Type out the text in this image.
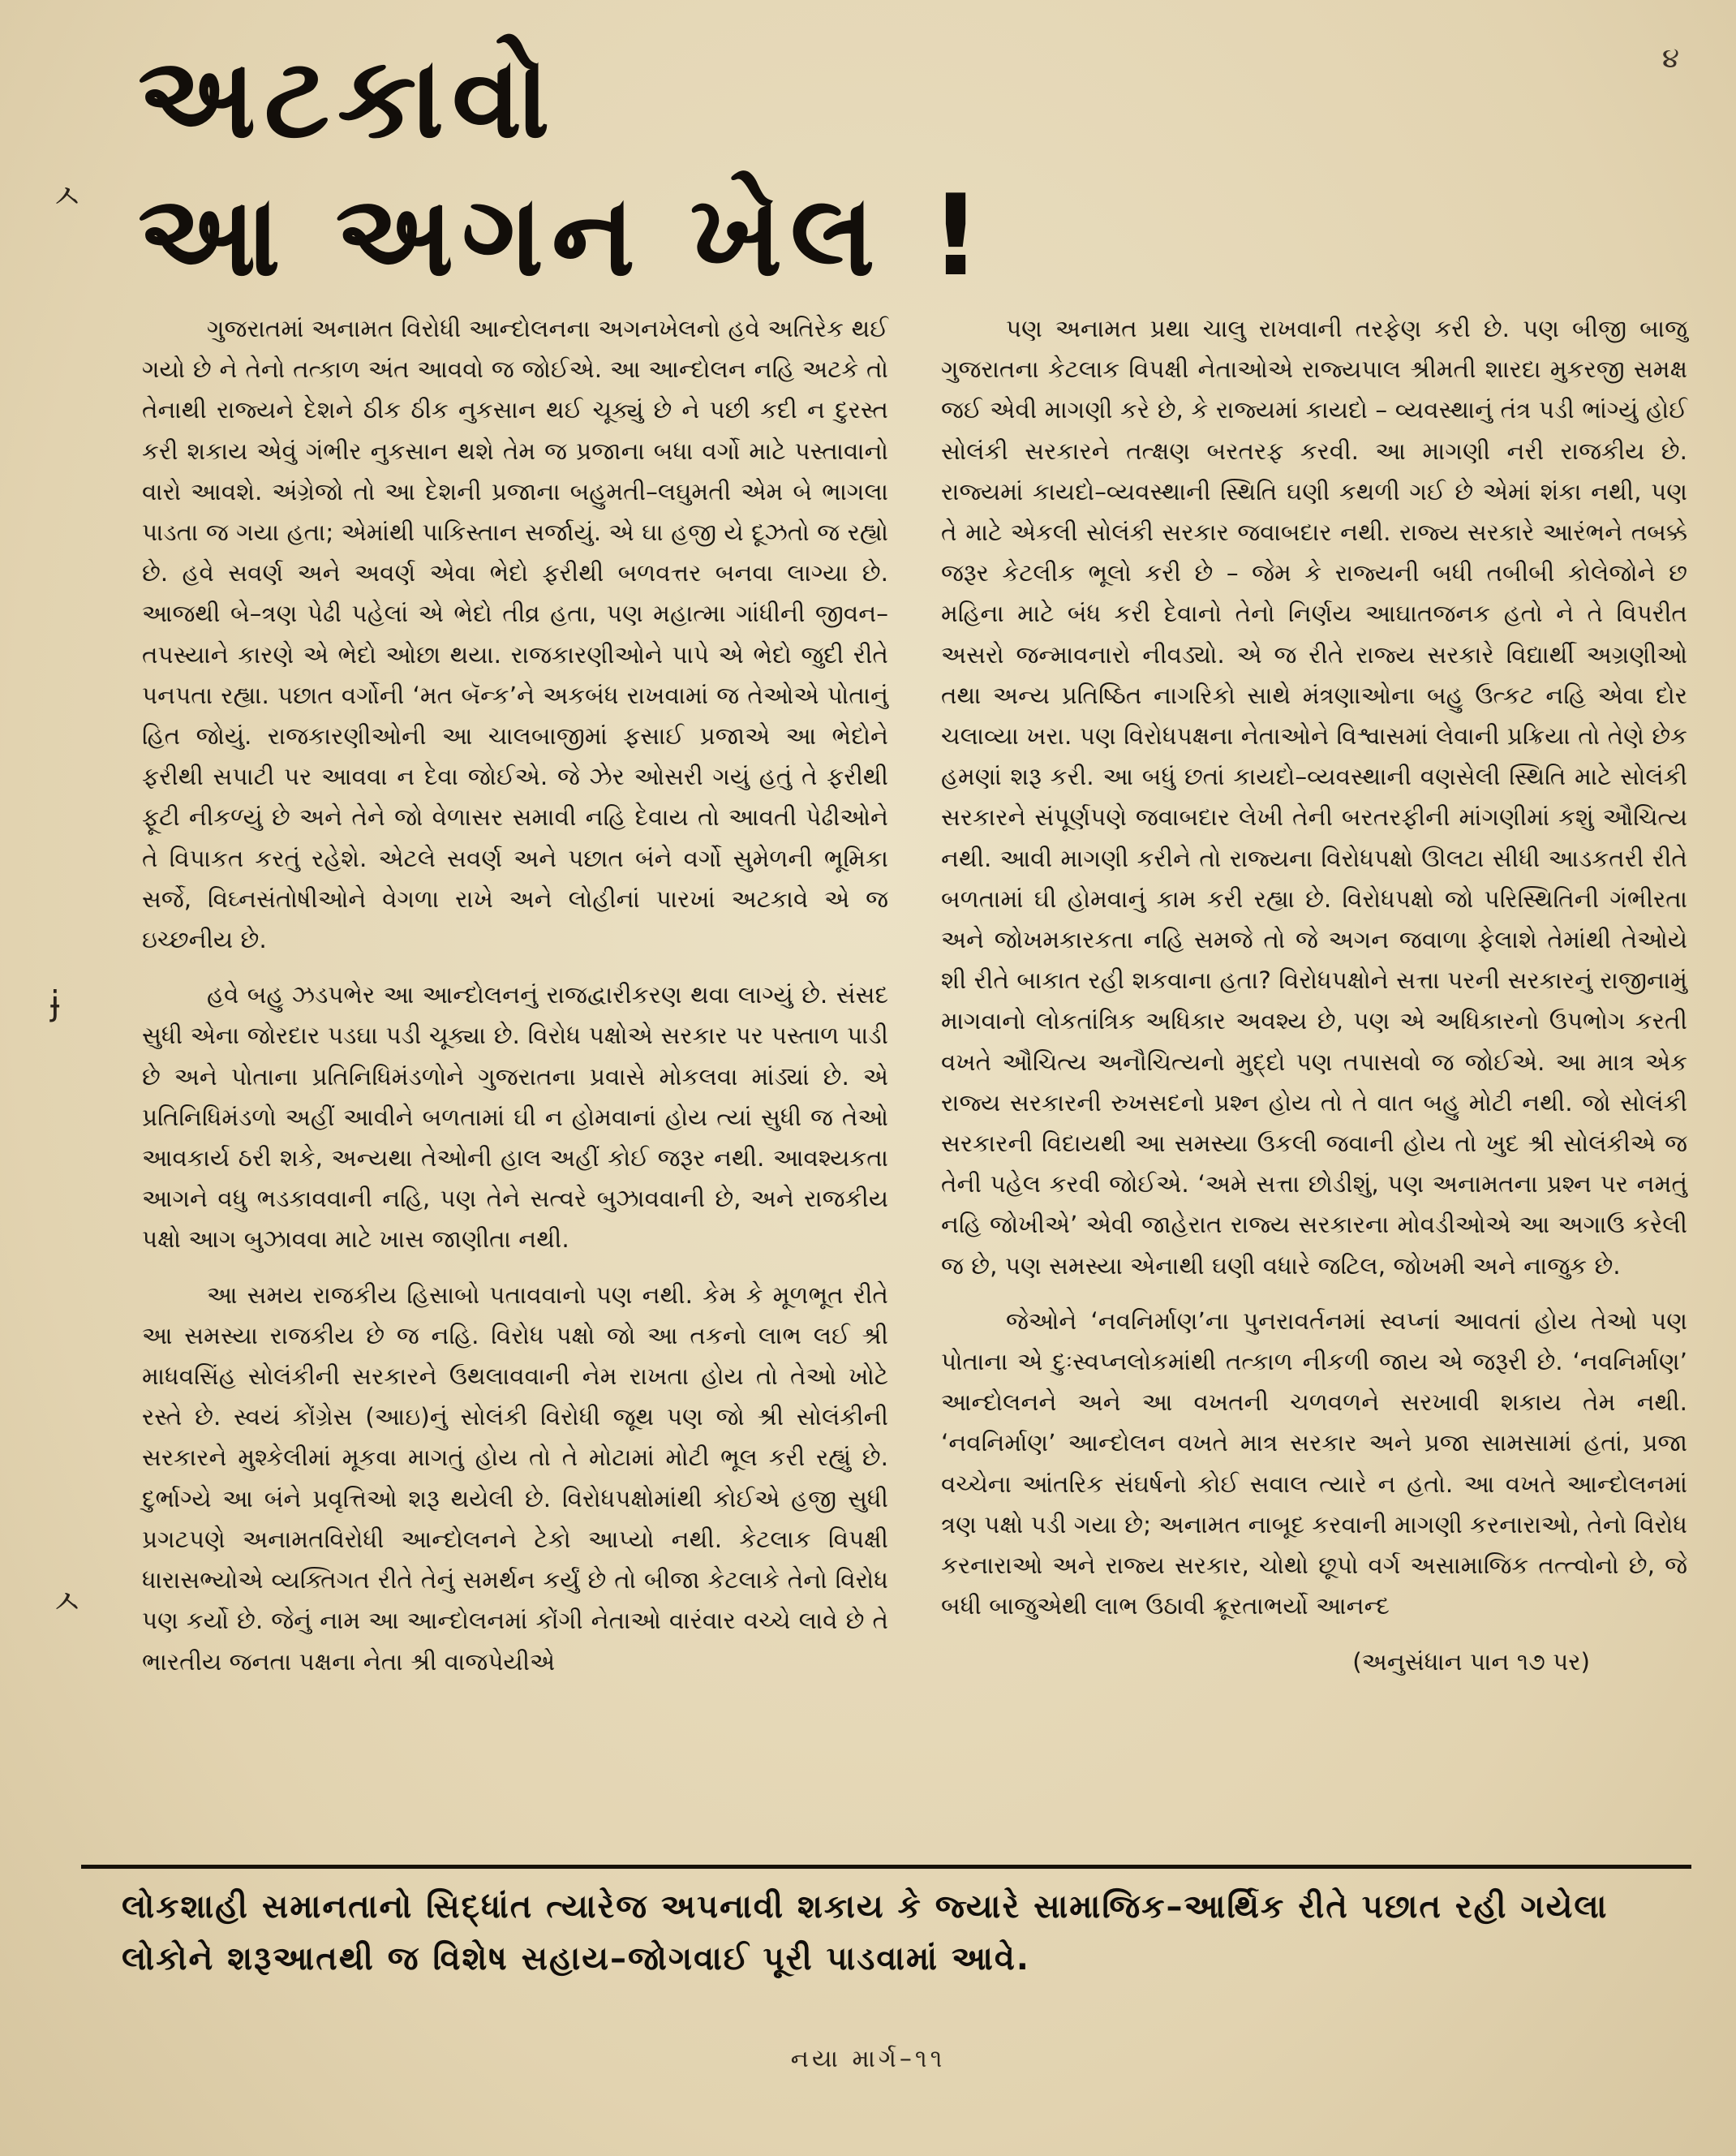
૪
અટકાવો
આ અગન ખેલ !
ㅅ
ɉ
ㅅ

ગુજરાતમાં અનામત વિરોધી આન્દોલનના અગનખેલનો હવે અતિરેક થઈ ગયો છે ને તેનો તત્કાળ અંત આવવો જ જોઈએ. આ આન્દોલન નહિ અટકે તો તેનાથી રાજ્યને દેશને ઠીક ઠીક નુકસાન થઈ ચૂક્યું છે ને પછી કદી ન દુરસ્ત કરી શકાય એવું ગંભીર નુકસાન થશે તેમ જ પ્રજાના બધા વર્ગો માટે પસ્તાવાનો વારો આવશે. અંગ્રેજો તો આ દેશની પ્રજાના બહુમતી–લઘુમતી એમ બે ભાગલા પાડતા જ ગયા હતા; એમાંથી પાકિસ્તાન સર્જાયું. એ ઘા હજી યે દૂઝતો જ રહ્યો છે. હવે સવર્ણ અને અવર્ણ એવા ભેદો ફરીથી બળવત્તર બનવા લાગ્યા છે. આજથી બે–ત્રણ પેઢી પહેલાં એ ભેદો તીવ્ર હતા, પણ મહાત્મા ગાંધીની જીવન–તપસ્યાને કારણે એ ભેદો ઓછા થયા. રાજકારણીઓને પાપે એ ભેદો જુદી રીતે પનપતા રહ્યા. પછાત વર્ગોની ‘મત બૅન્ક’ને અકબંધ રાખવામાં જ તેઓએ પોતાનું હિત જોયું. રાજકારણીઓની આ ચાલબાજીમાં ફસાઈ પ્રજાએ આ ભેદોને ફરીથી સપાટી પર આવવા ન દેવા જોઈએ. જે ઝેર ઓસરી ગયું હતું તે ફરીથી ફૂટી નીકળ્યું છે અને તેને જો વેળાસર સમાવી નહિ દેવાય તો આવતી પેઢીઓને તે વિપાકત કરતું રહેશે. એટલે સવર્ણ અને પછાત બંને વર્ગો સુમેળની ભૂમિકા સર્જે, વિઘ્નસંતોષીઓને વેગળા રાખે અને લોહીનાં પારખાં અટકાવે એ જ ઇચ્છનીય છે.

હવે બહુ ઝડપભેર આ આન્દોલનનું રાજદ્વારીકરણ થવા લાગ્યું છે. સંસદ સુધી એના જોરદાર પડઘા પડી ચૂક્યા છે. વિરોધ પક્ષોએ સરકાર પર પસ્તાળ પાડી છે અને પોતાના પ્રતિનિધિમંડળોને ગુજરાતના પ્રવાસે મોકલવા માંડ્યાં છે. એ પ્રતિનિધિમંડળો અહીં આવીને બળતામાં ઘી ન હોમવાનાં હોય ત્યાં સુધી જ તેઓ આવકાર્ય ઠરી શકે, અન્યથા તેઓની હાલ અહીં કોઈ જરૂર નથી. આવશ્યકતા આગને વધુ ભડકાવવાની નહિ, પણ તેને સત્વરે બુઝાવવાની છે, અને રાજકીય પક્ષો આગ બુઝાવવા માટે ખાસ જાણીતા નથી.

આ સમય રાજકીય હિસાબો પતાવવાનો પણ નથી. કેમ કે મૂળભૂત રીતે આ સમસ્યા રાજકીય છે જ નહિ. વિરોધ પક્ષો જો આ તકનો લાભ લઈ શ્રી માધવસિંહ સોલંકીની સરકારને ઉથલાવવાની નેમ રાખતા હોય તો તેઓ ખોટે રસ્તે છે. સ્વયં કોંગ્રેસ (આઇ)નું સોલંકી વિરોધી જૂથ પણ જો શ્રી સોલંકીની સરકારને મુશ્કેલીમાં મૂકવા માગતું હોય તો તે મોટામાં મોટી ભૂલ કરી રહ્યું છે. દુર્ભાગ્યે આ બંને પ્રવૃત્તિઓ શરૂ થયેલી છે. વિરોધપક્ષોમાંથી કોઈએ હજી સુધી પ્રગટપણે અનામતવિરોધી આન્દોલનને ટેકો આપ્યો નથી. કેટલાક વિપક્ષી ધારાસભ્યોએ વ્યક્તિગત રીતે તેનું સમર્થન કર્યું છે તો બીજા કેટલાકે તેનો વિરોધ પણ કર્યો છે. જેનું નામ આ આન્દોલનમાં કોંગી નેતાઓ વારંવાર વચ્ચે લાવે છે તે ભારતીય જનતા પક્ષના નેતા શ્રી વાજપેયીએ

પણ અનામત પ્રથા ચાલુ રાખવાની તરફેણ કરી છે. પણ બીજી બાજુ ગુજરાતના કેટલાક વિપક્ષી નેતાઓએ રાજ્યપાલ શ્રીમતી શારદા મુકરજી સમક્ષ જઈ એવી માગણી કરે છે, કે રાજ્યમાં કાયદો – વ્યવસ્થાનું તંત્ર પડી ભાંગ્યું હોઈ સોલંકી સરકારને તત્ક્ષણ બરતરફ કરવી. આ માગણી નરી રાજકીય છે. રાજ્યમાં કાયદો–વ્યવસ્થાની સ્થિતિ ઘણી કથળી ગઈ છે એમાં શંકા નથી, પણ તે માટે એકલી સોલંકી સરકાર જવાબદાર નથી. રાજ્ય સરકારે આરંભને તબક્કે જરૂર કેટલીક ભૂલો કરી છે – જેમ કે રાજ્યની બધી તબીબી કોલેજોને છ મહિના માટે બંધ કરી દેવાનો તેનો નિર્ણય આઘાતજનક હતો ને તે વિપરીત અસરો જન્માવનારો નીવડ્યો. એ જ રીતે રાજ્ય સરકારે વિદ્યાર્થી અગ્રણીઓ તથા અન્ય પ્રતિષ્ઠિત નાગરિકો સાથે મંત્રણાઓના બહુ ઉત્કટ નહિ એવા દોર ચલાવ્યા ખરા. પણ વિરોધપક્ષના નેતાઓને વિશ્વાસમાં લેવાની પ્રક્રિયા તો તેણે છેક હમણાં શરૂ કરી. આ બધું છતાં કાયદો–વ્યવસ્થાની વણસેલી સ્થિતિ માટે સોલંકી સરકારને સંપૂર્ણપણે જવાબદાર લેખી તેની બરતરફીની માંગણીમાં કશું ઔચિત્ય નથી. આવી માગણી કરીને તો રાજ્યના વિરોધપક્ષો ઊલટા સીધી આડકતરી રીતે બળતામાં ઘી હોમવાનું કામ કરી રહ્યા છે. વિરોધપક્ષો જો પરિસ્થિતિની ગંભીરતા અને જોખમકારકતા નહિ સમજે તો જે અગન જવાળા ફેલાશે તેમાંથી તેઓયે શી રીતે બાકાત રહી શકવાના હતા? વિરોધપક્ષોને સત્તા પરની સરકારનું રાજીનામું માગવાનો લોકતાંત્રિક અધિકાર અવશ્ય છે, પણ એ અધિકારનો ઉપભોગ કરતી વખતે ઔચિત્ય અનૌચિત્યનો મુદ્દો પણ તપાસવો જ જોઈએ. આ માત્ર એક રાજ્ય સરકારની રુખસદનો પ્રશ્ન હોય તો તે વાત બહુ મોટી નથી. જો સોલંકી સરકારની વિદાયથી આ સમસ્યા ઉકલી જવાની હોય તો ખુદ શ્રી સોલંકીએ જ તેની પહેલ કરવી જોઈએ. ‘અમે સત્તા છોડીશું, પણ અનામતના પ્રશ્ન પર નમતું નહિ જોખીએ’ એવી જાહેરાત રાજ્ય સરકારના મોવડીઓએ આ અગાઉ કરેલી જ છે, પણ સમસ્યા એનાથી ઘણી વધારે જટિલ, જોખમી અને નાજુક છે.

જેઓને ‘નવનિર્માણ’ના પુનરાવર્તનમાં સ્વપ્નાં આવતાં હોય તેઓ પણ પોતાના એ દુઃસ્વપ્નલોકમાંથી તત્કાળ નીકળી જાય એ જરૂરી છે. ‘નવનિર્માણ’ આન્દોલનને અને આ વખતની ચળવળને સરખાવી શકાય તેમ નથી. ‘નવનિર્માણ’ આન્દોલન વખતે માત્ર સરકાર અને પ્રજા સામસામાં હતાં, પ્રજા વચ્ચેના આંતરિક સંઘર્ષનો કોઈ સવાલ ત્યારે ન હતો. આ વખતે આન્દોલનમાં ત્રણ પક્ષો પડી ગયા છે; અનામત નાબૂદ કરવાની માગણી કરનારાઓ, તેનો વિરોધ કરનારાઓ અને રાજ્ય સરકાર, ચોથો છૂપો વર્ગ અસામાજિક તત્ત્વોનો છે, જે બધી બાજુએથી લાભ ઉઠાવી ક્રૂરતાભર્યો આનન્દ

(અનુસંધાન પાન ૧૭ પર)
લોકશાહી સમાનતાનો સિદ્ધાંત ત્યારેજ અપનાવી શકાય કે જ્યારે સામાજિક–આર્થિક રીતે પછાત રહી ગયેલા લોકોને શરૂઆતથી જ વિશેષ સહાય–જોગવાઈ પૂરી પાડવામાં આવે.
નયા માર્ગ–૧૧
